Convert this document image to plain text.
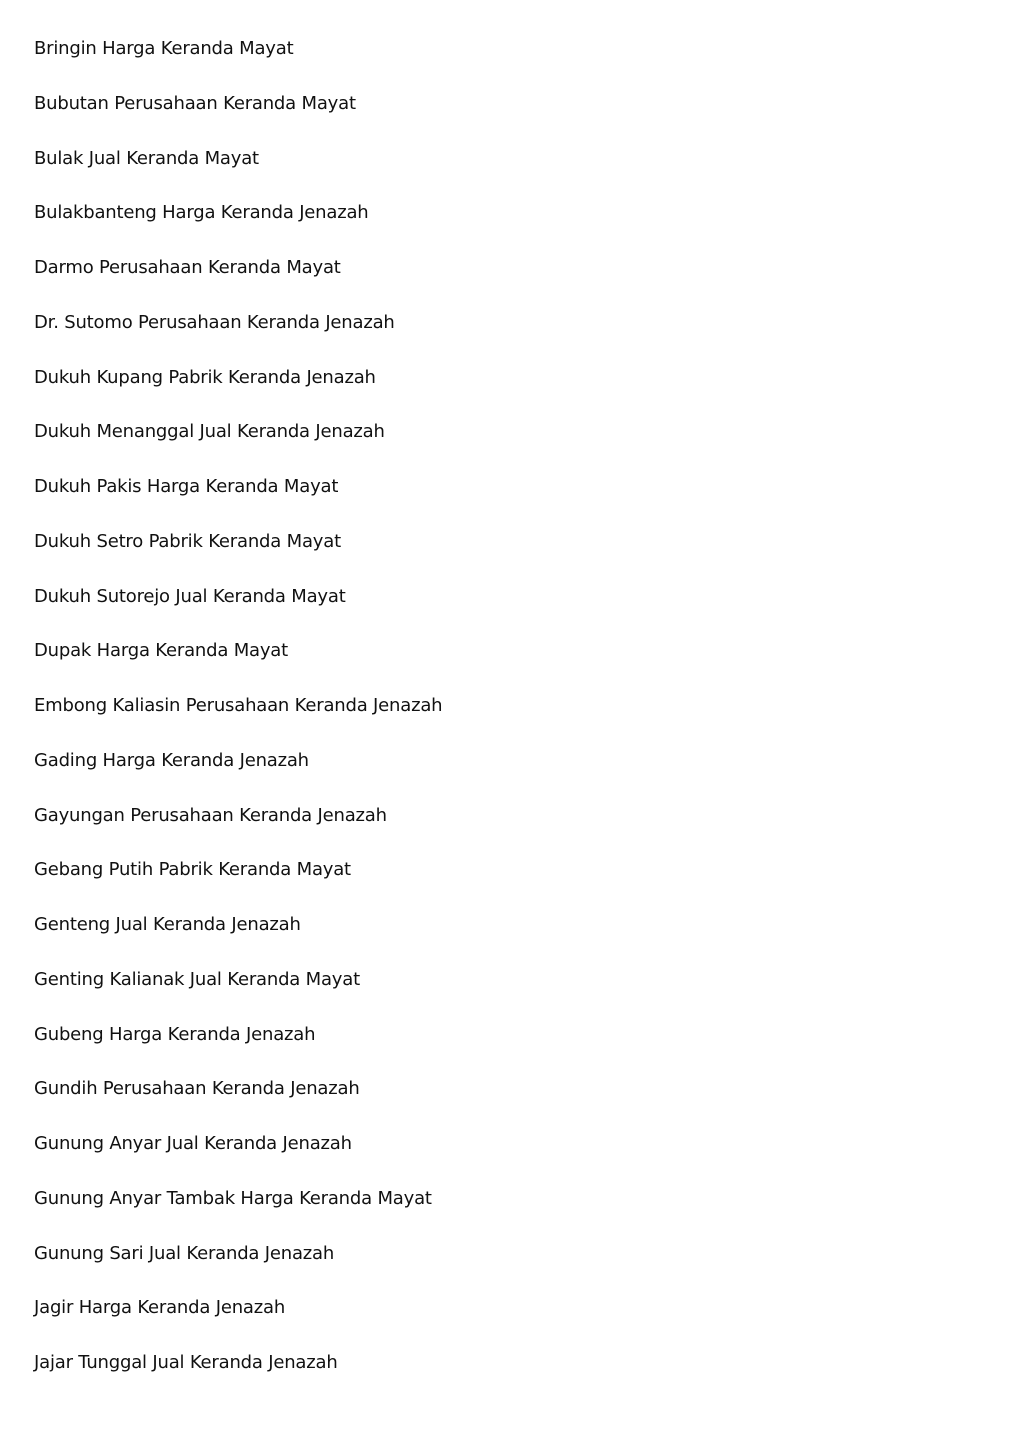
Bringin Harga Keranda Mayat
Bubutan Perusahaan Keranda Mayat
Bulak Jual Keranda Mayat
Bulakbanteng Harga Keranda Jenazah
Darmo Perusahaan Keranda Mayat
Dr. Sutomo Perusahaan Keranda Jenazah
Dukuh Kupang Pabrik Keranda Jenazah
Dukuh Menanggal Jual Keranda Jenazah
Dukuh Pakis Harga Keranda Mayat
Dukuh Setro Pabrik Keranda Mayat
Dukuh Sutorejo Jual Keranda Mayat
Dupak Harga Keranda Mayat
Embong Kaliasin Perusahaan Keranda Jenazah
Gading Harga Keranda Jenazah
Gayungan Perusahaan Keranda Jenazah
Gebang Putih Pabrik Keranda Mayat
Genteng Jual Keranda Jenazah
Genting Kalianak Jual Keranda Mayat
Gubeng Harga Keranda Jenazah
Gundih Perusahaan Keranda Jenazah
Gunung Anyar Jual Keranda Jenazah
Gunung Anyar Tambak Harga Keranda Mayat
Gunung Sari Jual Keranda Jenazah
Jagir Harga Keranda Jenazah
Jajar Tunggal Jual Keranda Jenazah
